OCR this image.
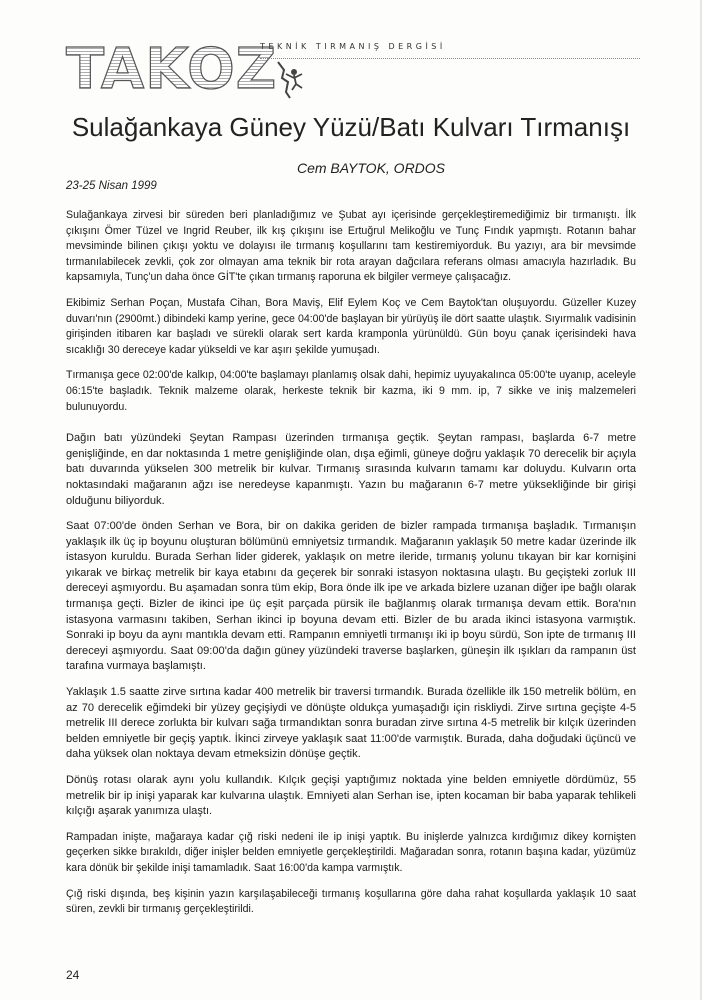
TAKOZ
TEKNİK TIRMANIŞ DERGİSİ
Sulağankaya Güney Yüzü/Batı Kulvarı Tırmanışı
Cem BAYTOK, ORDOS
23-25 Nisan 1999

Sulağankaya zirvesi bir süreden beri planladığımız ve Şubat ayı içerisinde gerçekleştiremediğimiz bir tırmanıştı. İlk çıkışını Ömer Tüzel ve Ingrid Reuber, ilk kış çıkışını ise Ertuğrul Melikoğlu ve Tunç Fındık yapmıştı. Rotanın bahar mevsiminde bilinen çıkışı yoktu ve dolayısı ile tırmanış koşullarını tam kestiremiyorduk. Bu yazıyı, ara bir mevsimde tırmanılabilecek zevkli, çok zor olmayan ama teknik bir rota arayan dağcılara referans olması amacıyla hazırladık. Bu kapsamıyla, Tunç'un daha önce GİT'te çıkan tırmanış raporuna ek bilgiler vermeye çalışacağız.

Ekibimiz Serhan Poçan, Mustafa Cihan, Bora Maviş, Elif Eylem Koç ve Cem Baytok'tan oluşuyordu. Güzeller Kuzey duvarı'nın (2900mt.) dibindeki kamp yerine, gece 04:00'de başlayan bir yürüyüş ile dört saatte ulaştık. Sıyırmalık vadisinin girişinden itibaren kar başladı ve sürekli olarak sert karda kramponla yürünüldü. Gün boyu çanak içerisindeki hava sıcaklığı 30 dereceye kadar yükseldi ve kar aşırı şekilde yumuşadı.

Tırmanışa gece 02:00'de kalkıp, 04:00'te başlamayı planlamış olsak dahi, hepimiz uyuyakalınca 05:00'te uyanıp, aceleyle 06:15'te başladık. Teknik malzeme olarak, herkeste teknik bir kazma, iki 9 mm. ip, 7 sikke ve iniş malzemeleri bulunuyordu.

Dağın batı yüzündeki Şeytan Rampası üzerinden tırmanışa geçtik. Şeytan rampası, başlarda 6-7 metre genişliğinde, en dar noktasında 1 metre genişliğinde olan, dışa eğimli, güneye doğru yaklaşık 70 derecelik bir açıyla batı duvarında yükselen 300 metrelik bir kulvar. Tırmanış sırasında kulvarın tamamı kar doluydu. Kulvarın orta noktasındaki mağaranın ağzı ise neredeyse kapanmıştı. Yazın bu mağaranın 6-7 metre yüksekliğinde bir girişi olduğunu biliyorduk.

Saat 07:00'de önden Serhan ve Bora, bir on dakika geriden de bizler rampada tırmanışa başladık. Tırmanışın yaklaşık ilk üç ip boyunu oluşturan bölümünü emniyetsiz tırmandık. Mağaranın yaklaşık 50 metre kadar üzerinde ilk istasyon kuruldu. Burada Serhan lider giderek, yaklaşık on metre ileride, tırmanış yolunu tıkayan bir kar kornişini yıkarak ve birkaç metrelik bir kaya etabını da geçerek bir sonraki istasyon noktasına ulaştı. Bu geçişteki zorluk III dereceyi aşmıyordu. Bu aşamadan sonra tüm ekip, Bora önde ilk ipe ve arkada bizlere uzanan diğer ipe bağlı olarak tırmanışa geçti. Bizler de ikinci ipe üç eşit parçada pürsik ile bağlanmış olarak tırmanışa devam ettik. Bora'nın istasyona varmasını takiben, Serhan ikinci ip boyuna devam etti. Bizler de bu arada ikinci istasyona varmıştık. Sonraki ip boyu da aynı mantıkla devam etti. Rampanın emniyetli tırmanışı iki ip boyu sürdü, Son ipte de tırmanış III dereceyi aşmıyordu. Saat 09:00'da dağın güney yüzündeki traverse başlarken, güneşin ilk ışıkları da rampanın üst tarafına vurmaya başlamıştı.

Yaklaşık 1.5 saatte zirve sırtına kadar 400 metrelik bir traversi tırmandık. Burada özellikle ilk 150 metrelik bölüm, en az 70 derecelik eğimdeki bir yüzey geçişiydi ve dönüşte oldukça yumaşadığı için riskliydi. Zirve sırtına geçişte 4-5 metrelik III derece zorlukta bir kulvarı sağa tırmandıktan sonra buradan zirve sırtına 4-5 metrelik bir kılçık üzerinden belden emniyetle bir geçiş yaptık. İkinci zirveye yaklaşık saat 11:00'de varmıştık. Burada, daha doğudaki üçüncü ve daha yüksek olan noktaya devam etmeksizin dönüşe geçtik.

Dönüş rotası olarak aynı yolu kullandık. Kılçık geçişi yaptığımız noktada yine belden emniyetle dördümüz, 55 metrelik bir ip inişi yaparak kar kulvarına ulaştık. Emniyeti alan Serhan ise, ipten kocaman bir baba yaparak tehlikeli kılçığı aşarak yanımıza ulaştı.

Rampadan inişte, mağaraya kadar çığ riski nedeni ile ip inişi yaptık. Bu inişlerde yalnızca kırdığımız dikey kornişten geçerken sikke bırakıldı, diğer inişler belden emniyetle gerçekleştirildi. Mağaradan sonra, rotanın başına kadar, yüzümüz kara dönük bir şekilde inişi tamamladık. Saat 16:00'da kampa varmıştık.

Çığ riski dışında, beş kişinin yazın karşılaşabileceği tırmanış koşullarına göre daha rahat koşullarda yaklaşık 10 saat süren, zevkli bir tırmanış gerçekleştirildi.

24
